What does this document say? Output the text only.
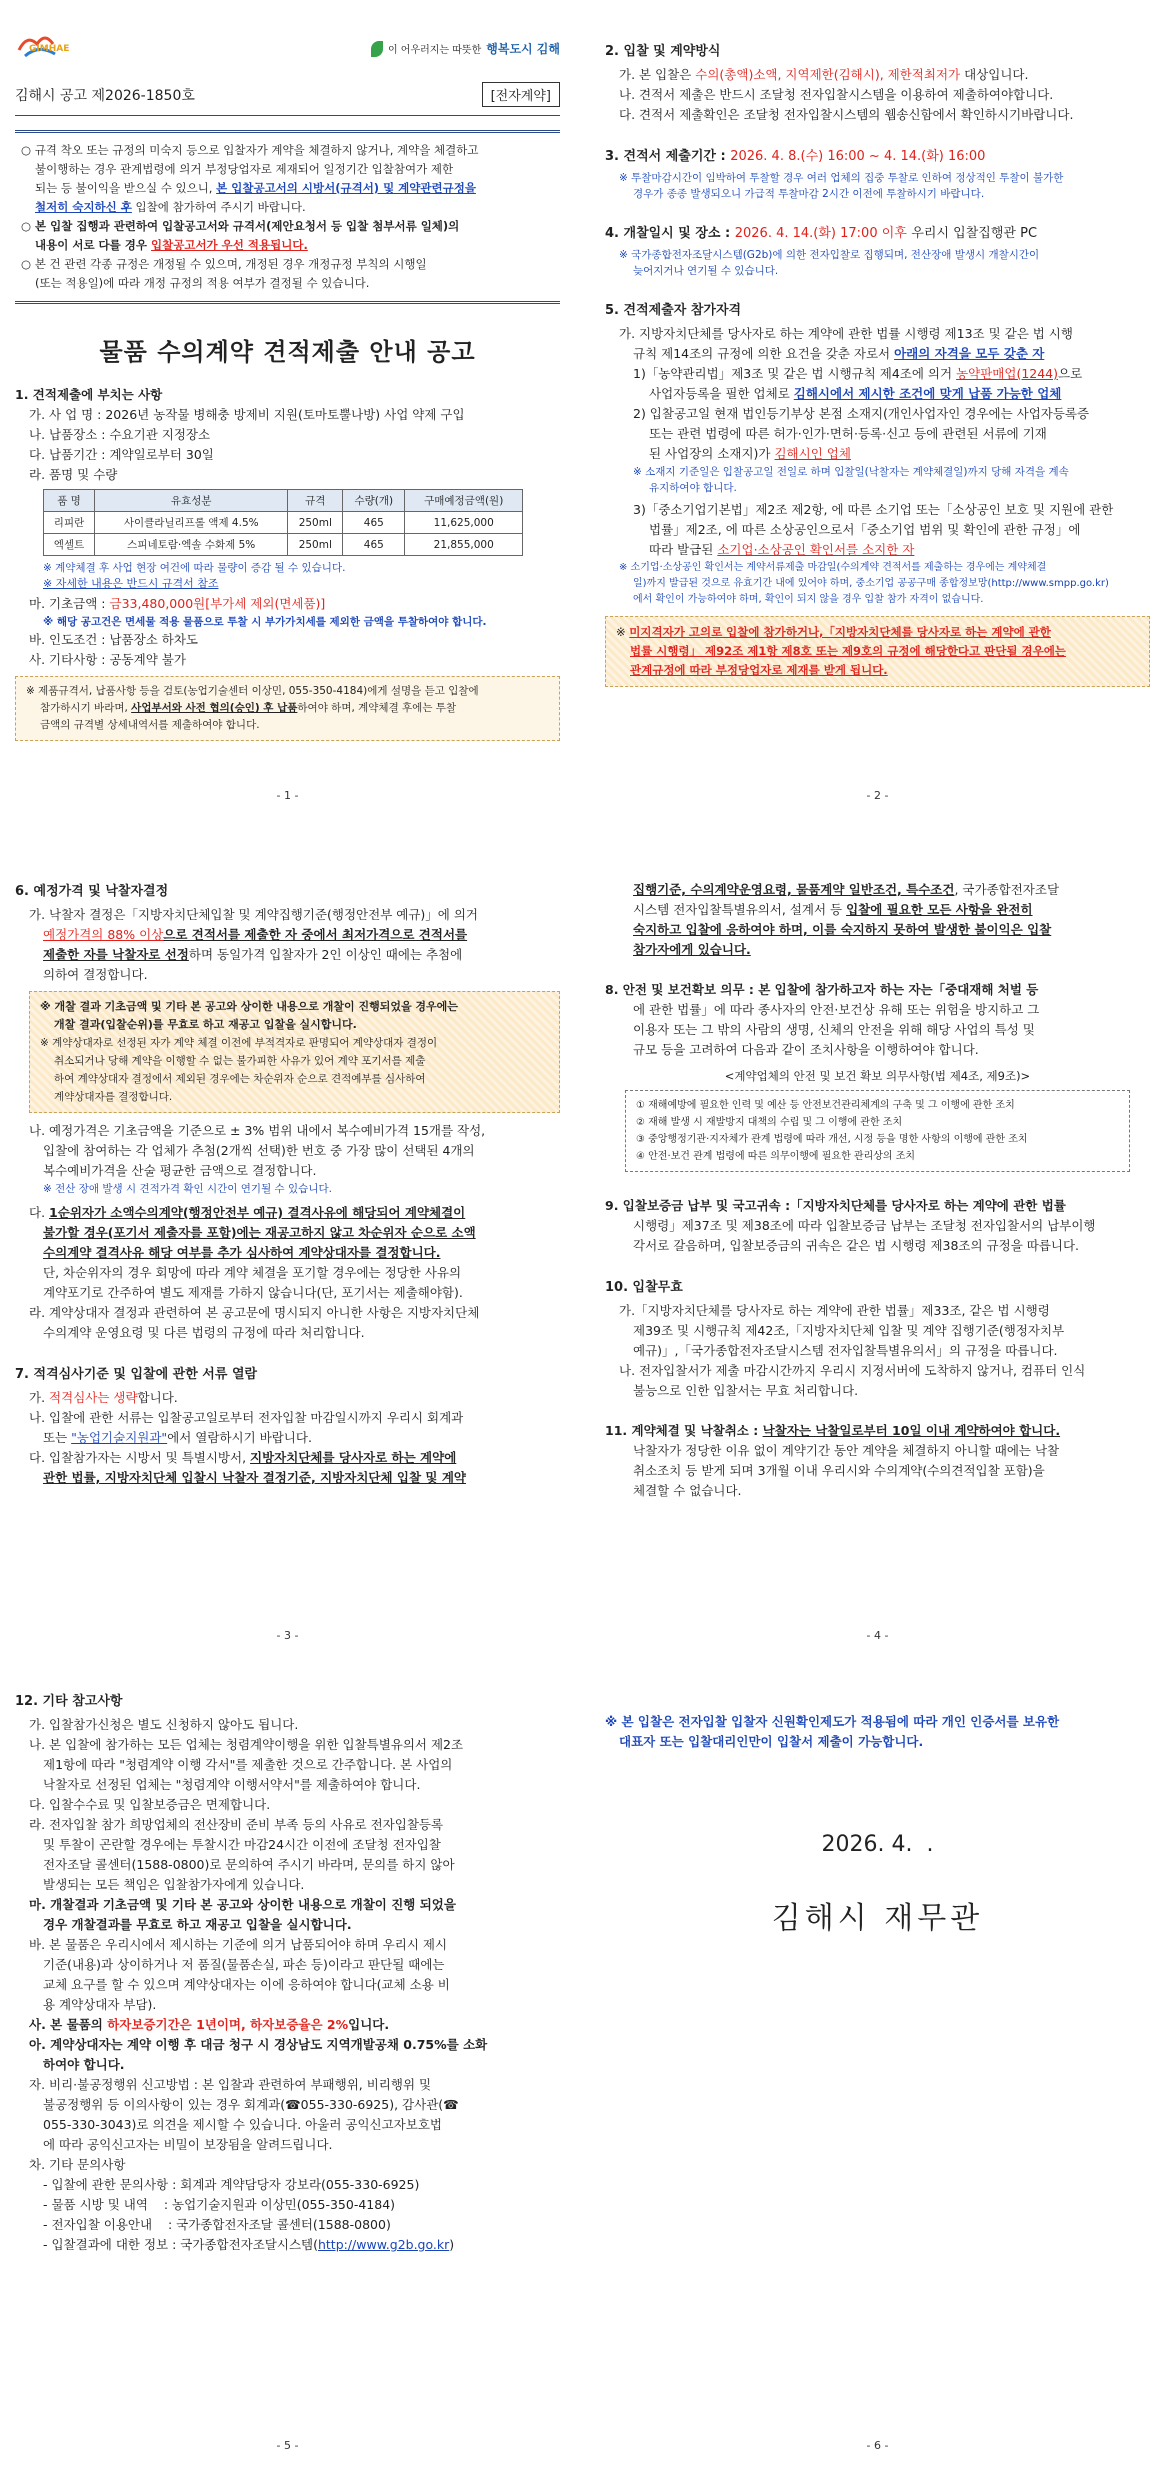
GIMHAE	이 어우러지는 따뜻한 행복도시 김해
김해시 공고 제2026-1850호	[전자계약]
○ 규격 착오 또는 규정의 미숙지 등으로 입찰자가 계약을 체결하지 않거나, 계약을 체결하고
불이행하는 경우 관계법령에 의거 부정당업자로 제재되어 일정기간 입찰참여가 제한
되는 등 불이익을 받으실 수 있으니, 본 입찰공고서의 시방서(규격서) 및 계약관련규정을
철저히 숙지하신 후 입찰에 참가하여 주시기 바랍니다.
○ 본 입찰 집행과 관련하여 입찰공고서와 규격서(제안요청서 등 입찰 첨부서류 일체)의
내용이 서로 다를 경우 입찰공고서가 우선 적용됩니다.
○ 본 건 관련 각종 규정은 개정될 수 있으며, 개정된 경우 개정규정 부칙의 시행일
(또는 적용일)에 따라 개정 규정의 적용 여부가 결정될 수 있습니다.
물품 수의계약 견적제출 안내 공고

1. 견적제출에 부치는 사항

가. 사 업 명 : 2026년 농작물 병해충 방제비 지원(토마토뿔나방) 사업 약제 구입

나. 납품장소 : 수요기관 지정장소

다. 납품기간 : 계약일로부터 30일

라. 품명 및 수량

품 명	유효성분	규격	수량(개)	구매예정금액(원)
리피란	사이클라닐리프롤 액제 4.5%	250ml	465	11,625,000
엑셀트	스피네토람·엑솔 수화제 5%	250ml	465	21,855,000

※ 계약체결 후 사업 현장 여건에 따라 물량이 증감 될 수 있습니다.

※ 자세한 내용은 반드시 규격서 참조

마. 기초금액 : 금33,480,000원[부가세 제외(면세품)]

※ 해당 공고건은 면세물 적용 물품으로 투찰 시 부가가치세를 제외한 금액을 투찰하여야 합니다.

바. 인도조건 : 납품장소 하차도

사. 기타사항 : 공동계약 불가

※ 제품규격서, 납품사항 등을 검토(농업기술센터 이상민, 055-350-4184)에게 설명을 듣고 입찰에
참가하시기 바라며, 사업부서와 사전 협의(승인) 후 납품하여야 하며, 계약체결 후에는 투찰
금액의 규격별 상세내역서를 제출하여야 합니다.
- 1 -

2. 입찰 및 계약방식

가. 본 입찰은 수의(총액)소액, 지역제한(김해시), 제한적최저가 대상입니다.

나. 견적서 제출은 반드시 조달청 전자입찰시스템을 이용하여 제출하여야합니다.

다. 견적서 제출확인은 조달청 전자입찰시스템의 웹송신함에서 확인하시기바랍니다.

3. 견적서 제출기간 : 2026. 4. 8.(수) 16:00 ~ 4. 14.(화) 16:00

※ 투찰마감시간이 임박하여 투찰할 경우 여러 업체의 집중 투찰로 인하여 정상적인 투찰이 불가한

경우가 종종 발생되오니 가급적 투찰마감 2시간 이전에 투찰하시기 바랍니다.

4. 개찰일시 및 장소 : 2026. 4. 14.(화) 17:00 이후 우리시 입찰집행관 PC

※ 국가종합전자조달시스템(G2b)에 의한 전자입찰로 집행되며, 전산장애 발생시 개찰시간이

늦어지거나 연기될 수 있습니다.

5. 견적제출자 참가자격

가. 지방자치단체를 당사자로 하는 계약에 관한 법률 시행령 제13조 및 같은 법 시행

규칙 제14조의 규정에 의한 요건을 갖춘 자로서 아래의 자격을 모두 갖춘 자

1)「농약관리법」제3조 및 같은 법 시행규칙 제4조에 의거 농약판매업(1244)으로

사업자등록을 필한 업체로 김해시에서 제시한 조건에 맞게 납품 가능한 업체

2) 입찰공고일 현재 법인등기부상 본점 소재지(개인사업자인 경우에는 사업자등록증

또는 관련 법령에 따른 허가·인가·면허·등록·신고 등에 관련된 서류에 기재

된 사업장의 소재지)가 김해시인 업체

※ 소재지 기준일은 입찰공고일 전일로 하며 입찰일(낙찰자는 계약체결일)까지 당해 자격을 계속

유지하여야 합니다.

3)「중소기업기본법」제2조 제2항, 에 따른 소기업 또는「소상공인 보호 및 지원에 관한

법률」제2조, 에 따른 소상공인으로서「중소기업 범위 및 확인에 관한 규정」에

따라 발급된 소기업·소상공인 확인서를 소지한 자

※ 소기업·소상공인 확인서는 계약서류제출 마감일(수의계약 견적서를 제출하는 경우에는 계약체결

일)까지 발급된 것으로 유효기간 내에 있어야 하며, 중소기업 공공구매 종합정보망(http://www.smpp.go.kr)

에서 확인이 가능하여야 하며, 확인이 되지 않을 경우 입찰 참가 자격이 없습니다.

※ 미지격자가 고의로 입찰에 참가하거나,「지방자치단체를 당사자로 하는 계약에 관한
법률 시행령」 제92조 제1항 제8호 또는 제9호의 규정에 해당한다고 판단될 경우에는
관계규정에 따라 부정당업자로 제재를 받게 됩니다.
- 2 -

6. 예정가격 및 낙찰자결정

가. 낙찰자 결정은「지방자치단체입찰 및 계약집행기준(행정안전부 예규)」에 의거

예정가격의 88% 이상으로 견적서를 제출한 자 중에서 최저가격으로 견적서를

제출한 자를 낙찰자로 선정하며 동일가격 입찰자가 2인 이상인 때에는 추첨에

의하여 결정합니다.

※ 개찰 결과 기초금액 및 기타 본 공고와 상이한 내용으로 개찰이 진행되었을 경우에는
개찰 결과(입찰순위)를 무효로 하고 재공고 입찰을 실시합니다.
※ 계약상대자로 선정된 자가 계약 체결 이전에 부적격자로 판명되어 계약상대자 결정이
취소되거나 당해 계약을 이행할 수 없는 불가피한 사유가 있어 계약 포기서를 제출
하여 계약상대자 결정에서 제외된 경우에는 차순위자 순으로 견적예부를 심사하여
계약상대자를 결정합니다.

나. 예정가격은 기초금액을 기준으로 ± 3% 범위 내에서 복수예비가격 15개를 작성,

입찰에 참여하는 각 업체가 추첨(2개씩 선택)한 번호 중 가장 많이 선택된 4개의

복수예비가격을 산술 평균한 금액으로 결정합니다.

※ 전산 장애 발생 시 견적가격 확인 시간이 연기될 수 있습니다.

다. 1순위자가 소액수의계약(행정안전부 예규) 결격사유에 해당되어 계약체결이

불가할 경우(포기서 제출자를 포함)에는 재공고하지 않고 차순위자 순으로 소액

수의계약 결격사유 해당 여부를 추가 심사하여 계약상대자를 결정합니다.

단, 차순위자의 경우 회망에 따라 계약 체결을 포기할 경우에는 정당한 사유의

계약포기로 간주하여 별도 제재를 가하지 않습니다(단, 포기서는 제출해야함).

라. 계약상대자 결정과 관련하여 본 공고문에 명시되지 아니한 사항은 지방자치단체

수의계약 운영요령 및 다른 법령의 규정에 따라 처리합니다.

7. 적격심사기준 및 입찰에 관한 서류 열람

가. 적격심사는 생략합니다.

나. 입찰에 관한 서류는 입찰공고일로부터 전자입찰 마감일시까지 우리시 회계과

또는 "농업기술지원과"에서 열람하시기 바랍니다.

다. 입찰참가자는 시방서 및 특별시방서, 지방자치단체를 당사자로 하는 계약에

관한 법률, 지방자치단체 입찰시 낙찰자 결정기준, 지방자치단체 입찰 및 계약

- 3 -

집행기준, 수의계약운영요령, 물품계약 일반조건, 특수조건, 국가종합전자조달

시스템 전자입찰특별유의서, 설계서 등 입찰에 필요한 모든 사항을 완전히

숙지하고 입찰에 응하여야 하며, 이를 숙지하지 못하여 발생한 불이익은 입찰

참가자에게 있습니다.

8. 안전 및 보건확보 의무 : 본 입찰에 참가하고자 하는 자는「중대재해 처벌 등

에 관한 법률」에 따라 종사자의 안전·보건상 유해 또는 위험을 방지하고 그

이용자 또는 그 밖의 사람의 생명, 신체의 안전을 위해 해당 사업의 특성 및

규모 등을 고려하여 다음과 같이 조치사항을 이행하여야 합니다.

<계약업체의 안전 및 보건 확보 의무사항(법 제4조, 제9조)>
① 재해예방에 필요한 인력 및 예산 등 안전보건관리체계의 구축 및 그 이행에 관한 조치
② 재해 발생 시 재발방지 대책의 수립 및 그 이행에 관한 조치
③ 중앙행정기관·지자체가 관계 법령에 따라 개선, 시정 등을 명한 사항의 이행에 관한 조치
④ 안전·보건 관계 법령에 따른 의무이행에 필요한 관리상의 조치

9. 입찰보증금 납부 및 국고귀속 :「지방자치단체를 당사자로 하는 계약에 관한 법률

시행령」제37조 및 제38조에 따라 입찰보증금 납부는 조달청 전자입찰서의 납부이행

각서로 갈음하며, 입찰보증금의 귀속은 같은 법 시행령 제38조의 규정을 따릅니다.

10. 입찰무효

가.「지방자치단체를 당사자로 하는 계약에 관한 법률」제33조, 같은 법 시행령

제39조 및 시행규칙 제42조,「지방자치단체 입찰 및 계약 집행기준(행정자치부

예규)」,「국가종합전자조달시스템 전자입찰특별유의서」의 규정을 따릅니다.

나. 전자입찰서가 제출 마감시간까지 우리시 지정서버에 도착하지 않거나, 컴퓨터 인식

불능으로 인한 입찰서는 무효 처리합니다.

11. 계약체결 및 낙찰취소 : 낙찰자는 낙찰일로부터 10일 이내 계약하여야 합니다.

낙찰자가 정당한 이유 없이 계약기간 동안 계약을 체결하지 아니할 때에는 낙찰

취소조치 등 받게 되며 3개월 이내 우리시와 수의계약(수의견적입찰 포함)을

체결할 수 없습니다.

- 4 -

12. 기타 참고사항

가. 입찰참가신청은 별도 신청하지 않아도 됩니다.

나. 본 입찰에 참가하는 모든 업체는 청렴계약이행을 위한 입찰특별유의서 제2조

제1항에 따라 "청렴계약 이행 각서"를 제출한 것으로 간주합니다. 본 사업의

낙찰자로 선정된 업체는 "청렴계약 이행서약서"를 제출하여야 합니다.

다. 입찰수수료 및 입찰보증금은 면제합니다.

라. 전자입찰 참가 희망업체의 전산장비 준비 부족 등의 사유로 전자입찰등록

및 투찰이 곤란할 경우에는 투찰시간 마감24시간 이전에 조달청 전자입찰

전자조달 콜센터(1588-0800)로 문의하여 주시기 바라며, 문의를 하지 않아

발생되는 모든 책임은 입찰참가자에게 있습니다.

마. 개찰결과 기초금액 및 기타 본 공고와 상이한 내용으로 개찰이 진행 되었을

경우 개찰결과를 무효로 하고 재공고 입찰을 실시합니다.

바. 본 물품은 우리시에서 제시하는 기준에 의거 납품되어야 하며 우리시 제시

기준(내용)과 상이하거나 저 품질(물품손실, 파손 등)이라고 판단될 때에는

교체 요구를 할 수 있으며 계약상대자는 이에 응하여야 합니다(교체 소용 비

용 계약상대자 부담).

사. 본 물품의 하자보증기간은 1년이며, 하자보증율은 2%입니다.

아. 계약상대자는 계약 이행 후 대금 청구 시 경상남도 지역개발공채 0.75%를 소화

하여야 합니다.

자. 비리·불공정행위 신고방법 : 본 입찰과 관련하여 부패행위, 비리행위 및

불공정행위 등 이의사항이 있는 경우 회계과(☎055-330-6925), 감사관(☎

055-330-3043)로 의견을 제시할 수 있습니다. 아울러 공익신고자보호법

에 따라 공익신고자는 비밀이 보장됨을 알려드립니다.

차. 기타 문의사항

- 입찰에 관한 문의사항 : 회계과 계약담당자 강보라(055-330-6925)

- 물품 시방 및 내역    : 농업기술지원과 이상민(055-350-4184)

- 전자입찰 이용안내    : 국가종합전자조달 콜센터(1588-0800)

- 입찰결과에 대한 정보 : 국가종합전자조달시스템(http://www.g2b.go.kr)

- 5 -

※ 본 입찰은 전자입찰 입찰자 신원확인제도가 적용됨에 따라 개인 인증서를 보유한

대표자 또는 입찰대리인만이 입찰서 제출이 가능합니다.

2026. 4.  .
김해시 재무관
- 6 -
